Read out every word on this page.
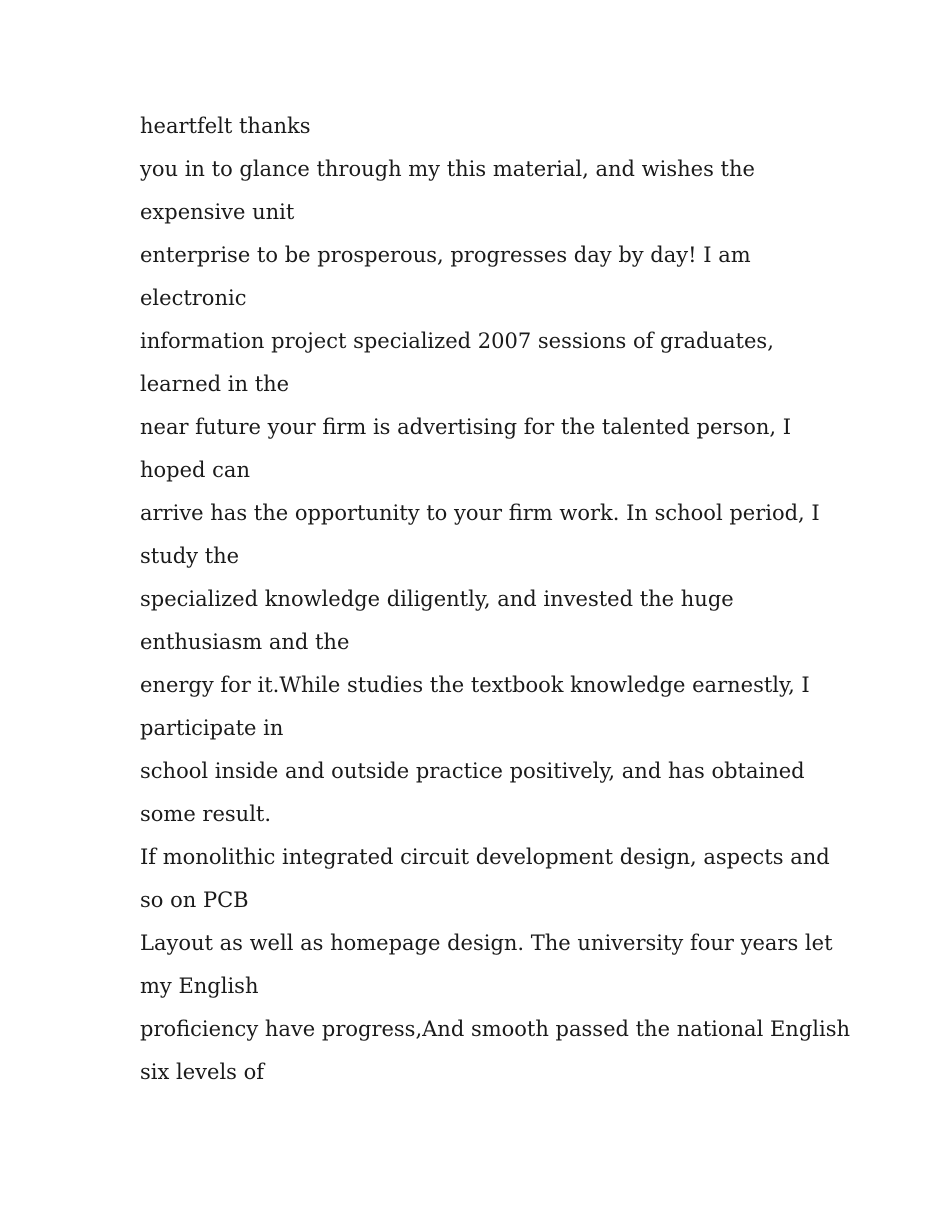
heartfelt thanks
you in to glance through my this material, and wishes the
expensive unit
enterprise to be prosperous, progresses day by day! I am
electronic
information project specialized 2007 sessions of graduates,
learned in the
near future your firm is advertising for the talented person, I
hoped can
arrive has the opportunity to your firm work. In school period, I
study the
specialized knowledge diligently, and invested the huge
enthusiasm and the
energy for it.While studies the textbook knowledge earnestly, I
participate in
school inside and outside practice positively, and has obtained
some result.
If monolithic integrated circuit development design, aspects and
so on PCB
Layout as well as homepage design. The university four years let
my English
proficiency have progress,And smooth passed the national English
six levels of
